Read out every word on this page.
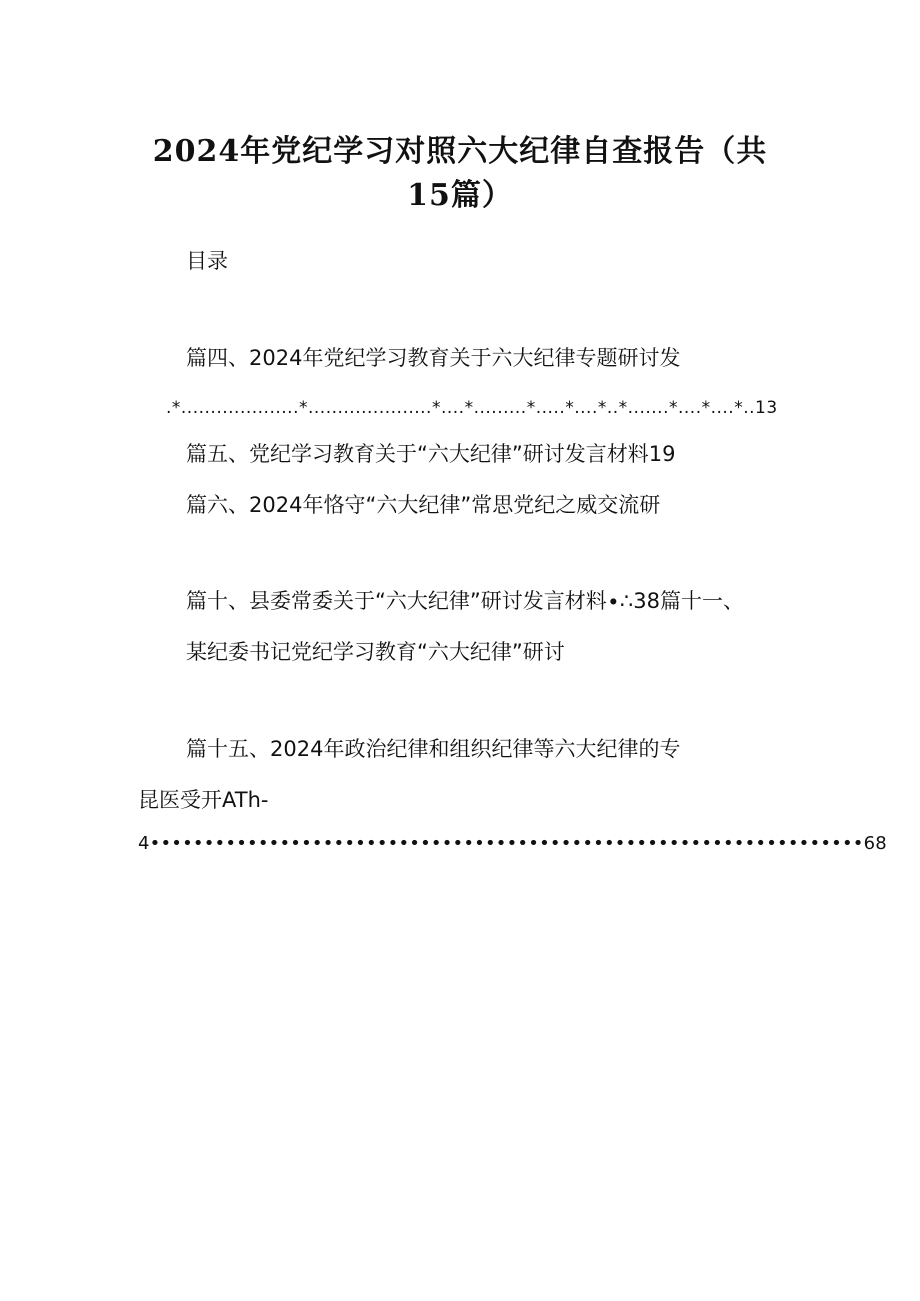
2024年党纪学习对照六大纪律自查报告（共
15篇）
目录
篇四、2024年党纪学习教育关于六大纪律专题研讨发
.*....................*.....................*....*.........*.....*....*..*.......*....*....*..13
篇五、党纪学习教育关于“六大纪律”研讨发言材料19
篇六、2024年恪守“六大纪律”常思党纪之威交流研
篇十、县委常委关于“六大纪律”研讨发言材料∙∴38篇十一、
某纪委书记党纪学习教育“六大纪律”研讨
篇十五、2024年政治纪律和组织纪律等六大纪律的专
昆医受开ATh-
4••••••••••••••••••••••••••••••••••••••••••••••••••••••••••••••••••68
